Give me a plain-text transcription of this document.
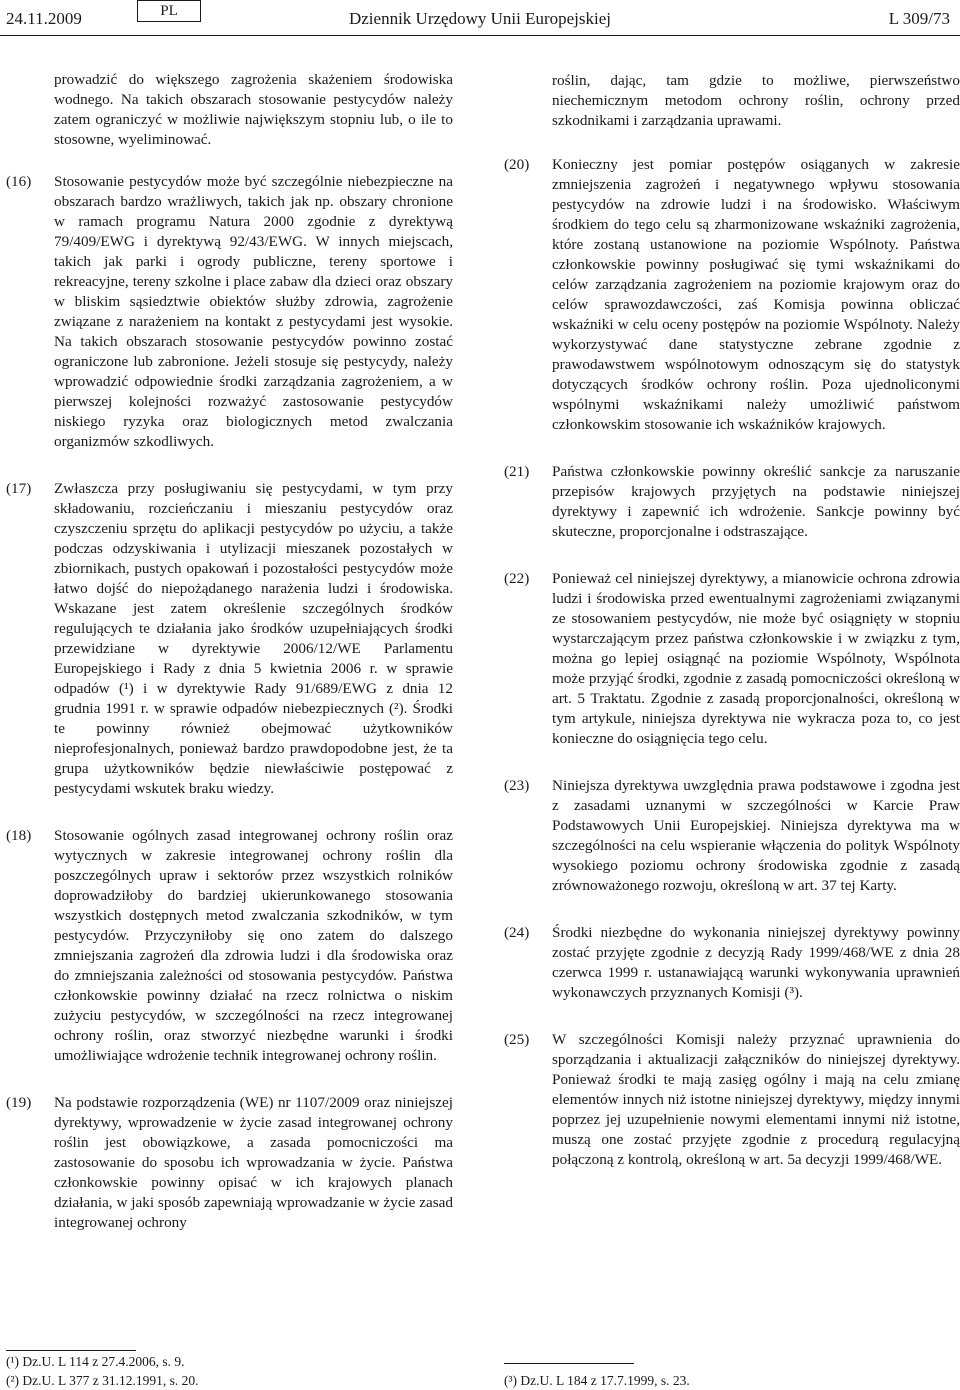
24.11.2009	PL	Dziennik Urzędowy Unii Europejskiej	L 309/73
prowadzić do większego zagrożenia skażeniem środowiska wodnego. Na takich obszarach stosowanie pestycydów należy zatem ograniczyć w możliwie największym stopniu lub, o ile to stosowne, wyeliminować.
(16)	Stosowanie pestycydów może być szczególnie niebezpieczne na obszarach bardzo wrażliwych, takich jak np. obszary chronione w ramach programu Natura 2000 zgodnie z dyrektywą 79/409/EWG i dyrektywą 92/43/EWG. W innych miejscach, takich jak parki i ogrody publiczne, tereny sportowe i rekreacyjne, tereny szkolne i place zabaw dla dzieci oraz obszary w bliskim sąsiedztwie obiektów służby zdrowia, zagrożenie związane z narażeniem na kontakt z pestycydami jest wysokie. Na takich obszarach stosowanie pestycydów powinno zostać ograniczone lub zabronione. Jeżeli stosuje się pestycydy, należy wprowadzić odpowiednie środki zarządzania zagrożeniem, a w pierwszej kolejności rozważyć zastosowanie pestycydów niskiego ryzyka oraz biologicznych metod zwalczania organizmów szkodliwych.
(17)	Zwłaszcza przy posługiwaniu się pestycydami, w tym przy składowaniu, rozcieńczaniu i mieszaniu pestycydów oraz czyszczeniu sprzętu do aplikacji pestycydów po użyciu, a także podczas odzyskiwania i utylizacji mieszanek pozostałych w zbiornikach, pustych opakowań i pozostałości pestycydów może łatwo dojść do niepożądanego narażenia ludzi i środowiska. Wskazane jest zatem określenie szczególnych środków regulujących te działania jako środków uzupełniających środki przewidziane w dyrektywie 2006/12/WE Parlamentu Europejskiego i Rady z dnia 5 kwietnia 2006 r. w sprawie odpadów (¹) i w dyrektywie Rady 91/689/EWG z dnia 12 grudnia 1991 r. w sprawie odpadów niebezpiecznych (²). Środki te powinny również obejmować użytkowników nieprofesjonalnych, ponieważ bardzo prawdopodobne jest, że ta grupa użytkowników będzie niewłaściwie postępować z pestycydami wskutek braku wiedzy.
(18)	Stosowanie ogólnych zasad integrowanej ochrony roślin oraz wytycznych w zakresie integrowanej ochrony roślin dla poszczególnych upraw i sektorów przez wszystkich rolników doprowadziłoby do bardziej ukierunkowanego stosowania wszystkich dostępnych metod zwalczania szkodników, w tym pestycydów. Przyczyniłoby się ono zatem do dalszego zmniejszania zagrożeń dla zdrowia ludzi i dla środowiska oraz do zmniejszania zależności od stosowania pestycydów. Państwa członkowskie powinny działać na rzecz rolnictwa o niskim zużyciu pestycydów, w szczególności na rzecz integrowanej ochrony roślin, oraz stworzyć niezbędne warunki i środki umożliwiające wdrożenie technik integrowanej ochrony roślin.
(19)	Na podstawie rozporządzenia (WE) nr 1107/2009 oraz niniejszej dyrektywy, wprowadzenie w życie zasad integrowanej ochrony roślin jest obowiązkowe, a zasada pomocniczości ma zastosowanie do sposobu ich wprowadzania w życie. Państwa członkowskie powinny opisać w ich krajowych planach działania, w jaki sposób zapewniają wprowadzanie w życie zasad integrowanej ochrony
roślin, dając, tam gdzie to możliwe, pierwszeństwo niechemicznym metodom ochrony roślin, ochrony przed szkodnikami i zarządzania uprawami.
(20)	Konieczny jest pomiar postępów osiąganych w zakresie zmniejszenia zagrożeń i negatywnego wpływu stosowania pestycydów na zdrowie ludzi i na środowisko. Właściwym środkiem do tego celu są zharmonizowane wskaźniki zagrożenia, które zostaną ustanowione na poziomie Wspólnoty. Państwa członkowskie powinny posługiwać się tymi wskaźnikami do celów zarządzania zagrożeniem na poziomie krajowym oraz do celów sprawozdawczości, zaś Komisja powinna obliczać wskaźniki w celu oceny postępów na poziomie Wspólnoty. Należy wykorzystywać dane statystyczne zebrane zgodnie z prawodawstwem wspólnotowym odnoszącym się do statystyk dotyczących środków ochrony roślin. Poza ujednoliconymi wspólnymi wskaźnikami należy umożliwić państwom członkowskim stosowanie ich wskaźników krajowych.
(21)	Państwa członkowskie powinny określić sankcje za naruszanie przepisów krajowych przyjętych na podstawie niniejszej dyrektywy i zapewnić ich wdrożenie. Sankcje powinny być skuteczne, proporcjonalne i odstraszające.
(22)	Ponieważ cel niniejszej dyrektywy, a mianowicie ochrona zdrowia ludzi i środowiska przed ewentualnymi zagrożeniami związanymi ze stosowaniem pestycydów, nie może być osiągnięty w stopniu wystarczającym przez państwa członkowskie i w związku z tym, można go lepiej osiągnąć na poziomie Wspólnoty, Wspólnota może przyjąć środki, zgodnie z zasadą pomocniczości określoną w art. 5 Traktatu. Zgodnie z zasadą proporcjonalności, określoną w tym artykule, niniejsza dyrektywa nie wykracza poza to, co jest konieczne do osiągnięcia tego celu.
(23)	Niniejsza dyrektywa uwzględnia prawa podstawowe i zgodna jest z zasadami uznanymi w szczególności w Karcie Praw Podstawowych Unii Europejskiej. Niniejsza dyrektywa ma w szczególności na celu wspieranie włączenia do polityk Wspólnoty wysokiego poziomu ochrony środowiska zgodnie z zasadą zrównoważonego rozwoju, określoną w art. 37 tej Karty.
(24)	Środki niezbędne do wykonania niniejszej dyrektywy powinny zostać przyjęte zgodnie z decyzją Rady 1999/468/WE z dnia 28 czerwca 1999 r. ustanawiającą warunki wykonywania uprawnień wykonawczych przyznanych Komisji (³).
(25)	W szczególności Komisji należy przyznać uprawnienia do sporządzania i aktualizacji załączników do niniejszej dyrektywy. Ponieważ środki te mają zasięg ogólny i mają na celu zmianę elementów innych niż istotne niniejszej dyrektywy, między innymi poprzez jej uzupełnienie nowymi elementami innymi niż istotne, muszą one zostać przyjęte zgodnie z procedurą regulacyjną połączoną z kontrolą, określoną w art. 5a decyzji 1999/468/WE.
(¹) Dz.U. L 114 z 27.4.2006, s. 9.
(²) Dz.U. L 377 z 31.12.1991, s. 20.	(³) Dz.U. L 184 z 17.7.1999, s. 23.
